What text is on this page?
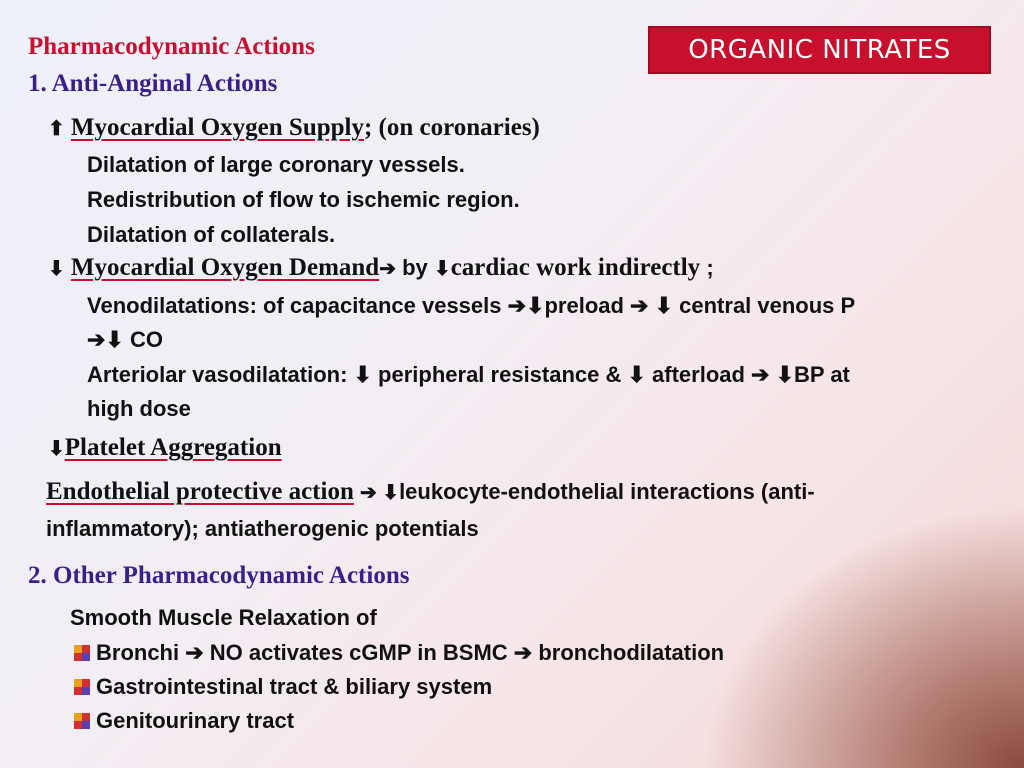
ORGANIC NITRATES
Pharmacodynamic Actions
1. Anti-Anginal Actions
⬆ Myocardial Oxygen Supply; (on coronaries)
Dilatation of large coronary vessels.
Redistribution of flow to ischemic region.
Dilatation of collaterals.
⬇ Myocardial Oxygen Demand➔ by ⬇cardiac work indirectly ;
Venodilatations: of capacitance vessels ➔⬇preload ➔ ⬇ central venous P
➔⬇ CO
Arteriolar vasodilatation: ⬇ peripheral resistance & ⬇ afterload ➔ ⬇BP at
high dose
⬇Platelet Aggregation
Endothelial protective action ➔ ⬇leukocyte-endothelial interactions (anti-
inflammatory); antiatherogenic potentials
2. Other Pharmacodynamic Actions
Smooth Muscle Relaxation of
Bronchi ➔ NO activates cGMP in BSMC ➔ bronchodilatation
Gastrointestinal tract & biliary system
Genitourinary tract
